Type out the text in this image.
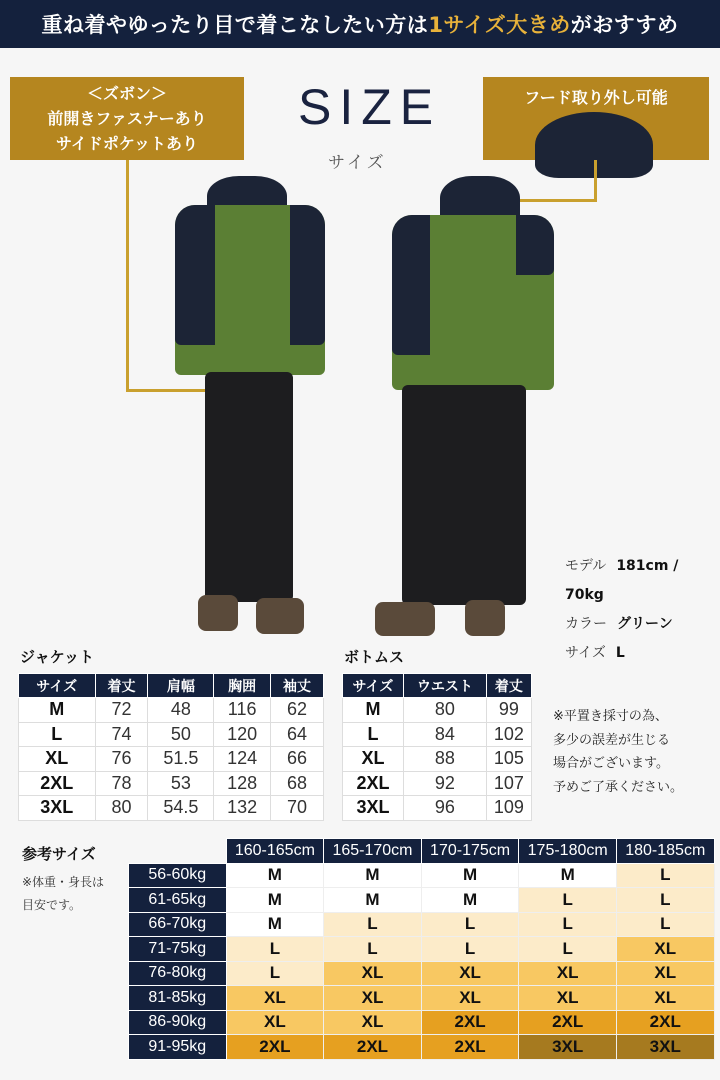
重ね着やゆったり目で着こなしたい方は 1サイズ大きめ がおすすめ
＜ズボン＞
前開きファスナーあり
サイドポケットあり
フード取り外し可能
SIZE
サイズ
モデル 181cm / 70kg
カラー グリーン
サイズ L
ジャケット
サイズ	着丈	肩幅	胸囲	袖丈
M	72	48	116	62
L	74	50	120	64
XL	76	51.5	124	66
2XL	78	53	128	68
3XL	80	54.5	132	70
ボトムス
サイズ	ウエスト	着丈
M	80	99
L	84	102
XL	88	105
2XL	92	107
3XL	96	109
※平置き採寸の為、
多少の誤差が生じる
場合がございます。
予めご了承ください。
参考サイズ
※体重・身長は
目安です。
	160-165cm	165-170cm	170-175cm	175-180cm	180-185cm
56-60kg	M	M	M	M	L
61-65kg	M	M	M	L	L
66-70kg	M	L	L	L	L
71-75kg	L	L	L	L	XL
76-80kg	L	XL	XL	XL	XL
81-85kg	XL	XL	XL	XL	XL
86-90kg	XL	XL	2XL	2XL	2XL
91-95kg	2XL	2XL	2XL	3XL	3XL
